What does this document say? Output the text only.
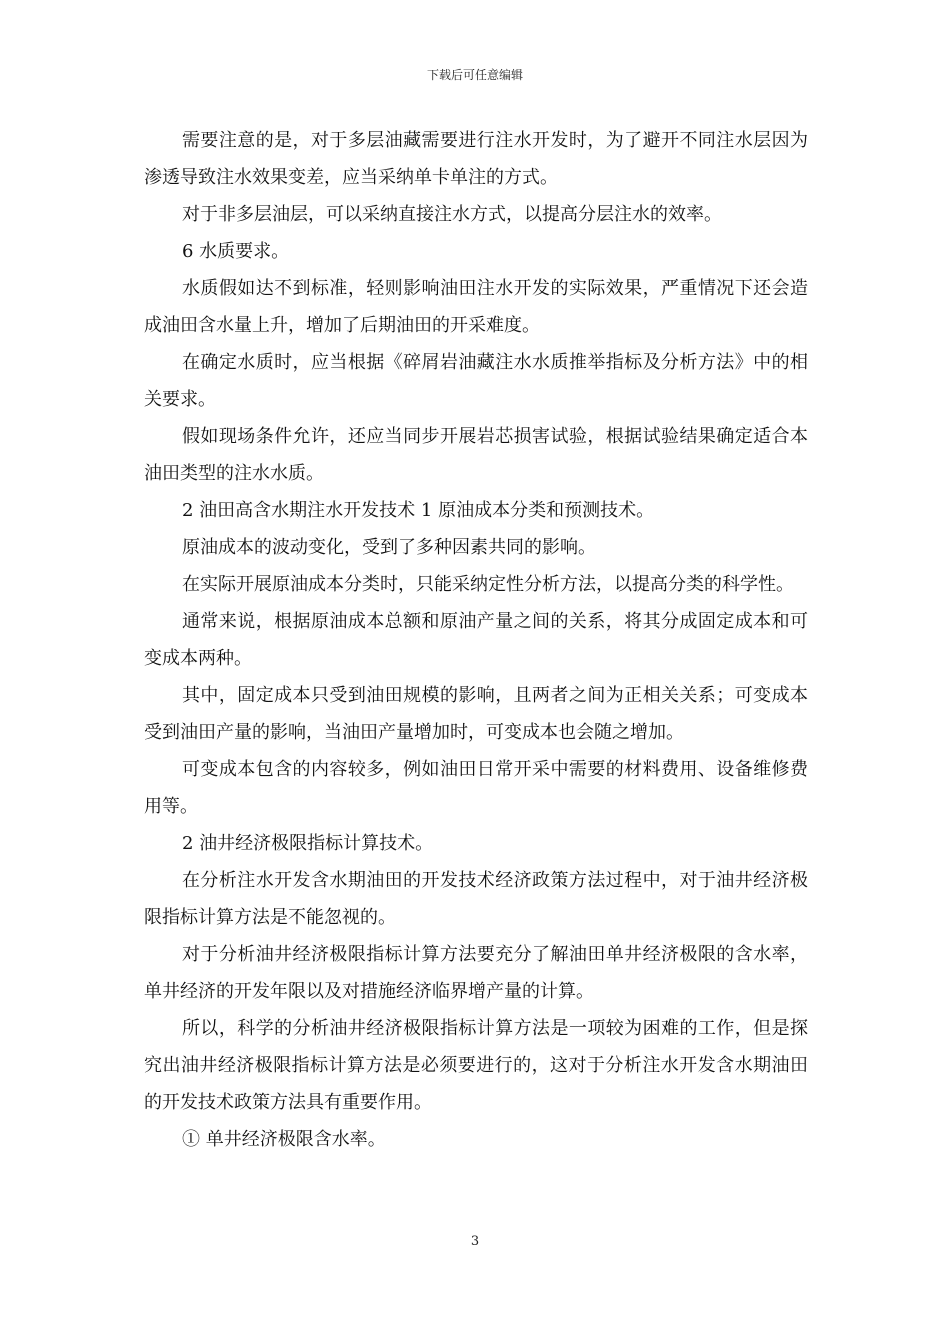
下载后可任意编辑

需要注意的是，对于多层油藏需要进行注水开发时，为了避开不同注水层因为渗透导致注水效果变差，应当采纳单卡单注的方式。

对于非多层油层，可以采纳直接注水方式，以提高分层注水的效率。

6 水质要求。

水质假如达不到标准，轻则影响油田注水开发的实际效果，严重情况下还会造成油田含水量上升，增加了后期油田的开采难度。

在确定水质时，应当根据《碎屑岩油藏注水水质推举指标及分析方法》中的相关要求。

假如现场条件允许，还应当同步开展岩芯损害试验，根据试验结果确定适合本油田类型的注水水质。

2 油田高含水期注水开发技术 1 原油成本分类和预测技术。

原油成本的波动变化，受到了多种因素共同的影响。

在实际开展原油成本分类时，只能采纳定性分析方法，以提高分类的科学性。

通常来说，根据原油成本总额和原油产量之间的关系，将其分成固定成本和可变成本两种。

其中，固定成本只受到油田规模的影响，且两者之间为正相关关系；可变成本受到油田产量的影响，当油田产量增加时，可变成本也会随之增加。

可变成本包含的内容较多，例如油田日常开采中需要的材料费用、设备维修费用等。

2 油井经济极限指标计算技术。

在分析注水开发含水期油田的开发技术经济政策方法过程中，对于油井经济极限指标计算方法是不能忽视的。

对于分析油井经济极限指标计算方法要充分了解油田单井经济极限的含水率，单井经济的开发年限以及对措施经济临界增产量的计算。

所以，科学的分析油井经济极限指标计算方法是一项较为困难的工作，但是探究出油井经济极限指标计算方法是必须要进行的，这对于分析注水开发含水期油田的开发技术政策方法具有重要作用。

① 单井经济极限含水率。

3
